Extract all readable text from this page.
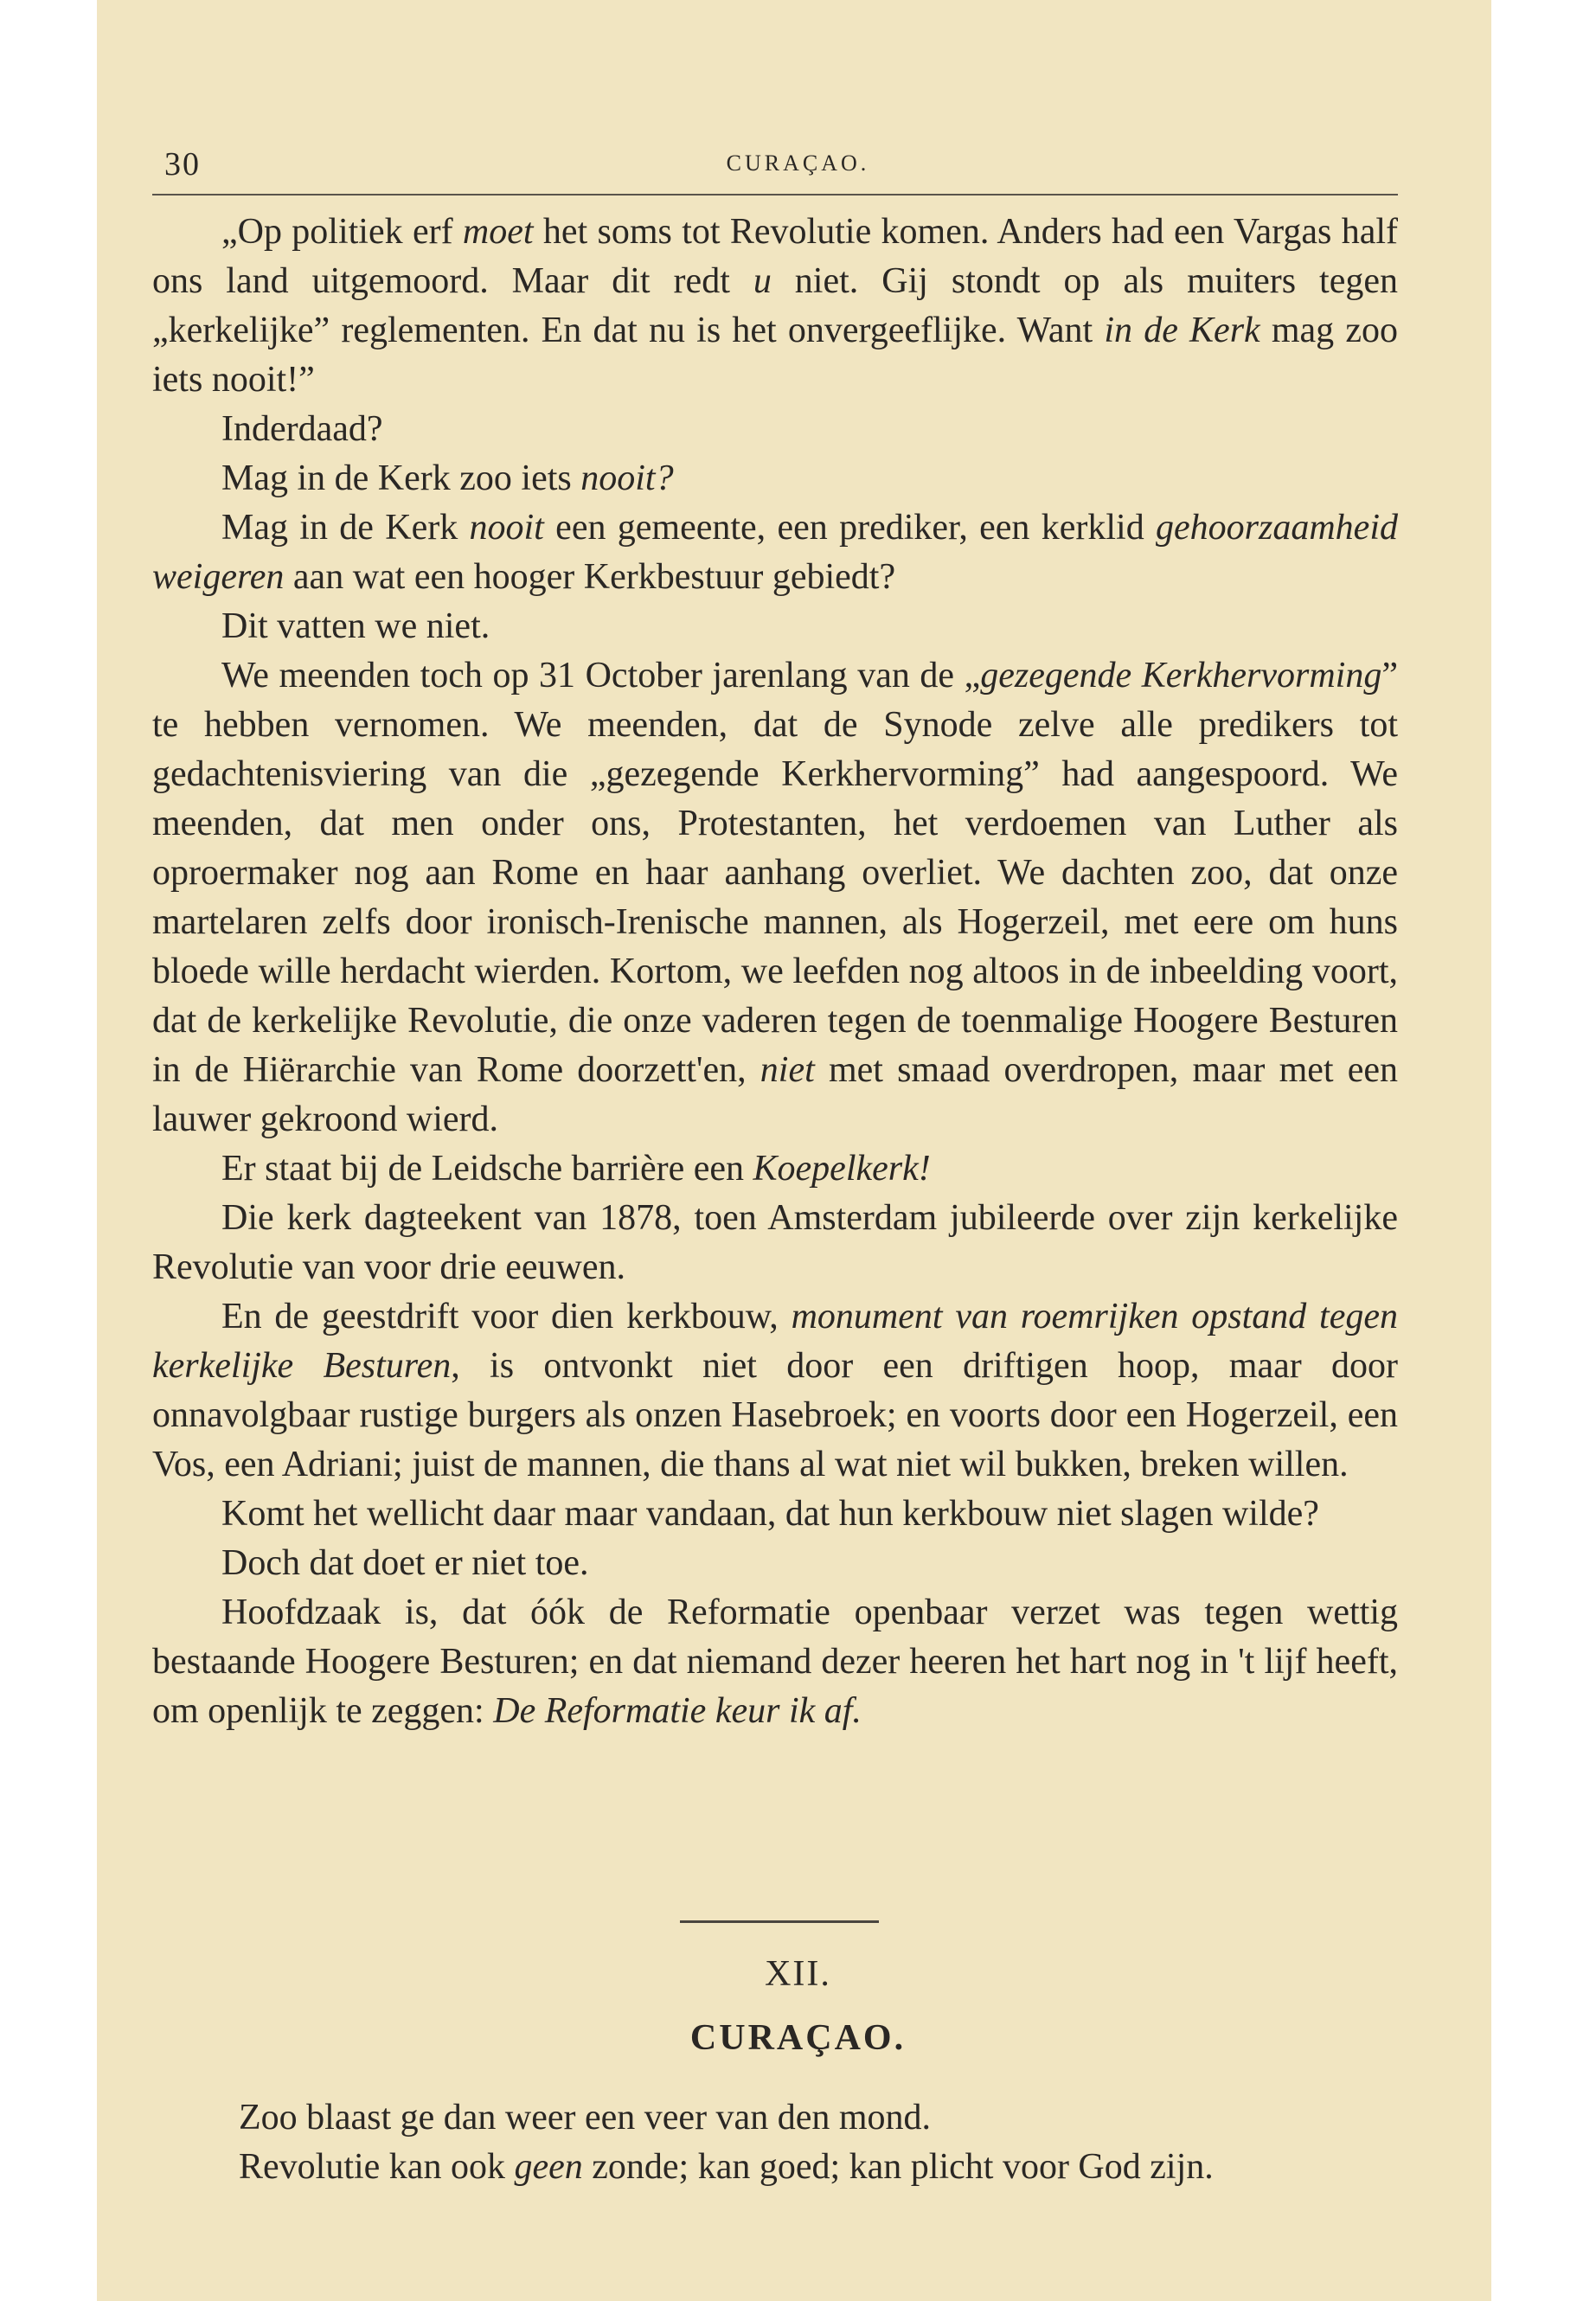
30	CURAÇAO.

„Op politiek erf moet het soms tot Revolutie komen. Anders had een Vargas half ons land uitgemoord. Maar dit redt u niet. Gij stondt op als muiters tegen „kerkelijke” reglementen. En dat nu is het onvergeeflijke. Want in de Kerk mag zoo iets nooit!”

Inderdaad?

Mag in de Kerk zoo iets nooit?

Mag in de Kerk nooit een gemeente, een prediker, een kerklid gehoorzaamheid weigeren aan wat een hooger Kerkbestuur gebiedt?

Dit vatten we niet.

We meenden toch op 31 October jarenlang van de „gezegende Kerkhervorming” te hebben vernomen. We meenden, dat de Synode zelve alle predikers tot gedachtenisviering van die „gezegende Kerkhervorming” had aangespoord. We meenden, dat men onder ons, Protestanten, het verdoemen van Luther als oproermaker nog aan Rome en haar aanhang overliet. We dachten zoo, dat onze martelaren zelfs door ironisch-Irenische mannen, als Hogerzeil, met eere om huns bloede wille herdacht wierden. Kortom, we leefden nog altoos in de inbeelding voort, dat de kerkelijke Revolutie, die onze vaderen tegen de toenmalige Hoogere Besturen in de Hiërarchie van Rome doorzett'en, niet met smaad overdropen, maar met een lauwer gekroond wierd.

Er staat bij de Leidsche barrière een Koepelkerk!

Die kerk dagteekent van 1878, toen Amsterdam jubileerde over zijn kerkelijke Revolutie van voor drie eeuwen.

En de geestdrift voor dien kerkbouw, monument van roemrijken opstand tegen kerkelijke Besturen, is ontvonkt niet door een driftigen hoop, maar door onnavolgbaar rustige burgers als onzen Hasebroek; en voorts door een Hogerzeil, een Vos, een Adriani; juist de mannen, die thans al wat niet wil bukken, breken willen.

Komt het wellicht daar maar vandaan, dat hun kerkbouw niet slagen wilde?

Doch dat doet er niet toe.

Hoofdzaak is, dat óók de Reformatie openbaar verzet was tegen wettig bestaande Hoogere Besturen; en dat niemand dezer heeren het hart nog in 't lijf heeft, om openlijk te zeggen: De Reformatie keur ik af.

XII.
CURAÇAO.

Zoo blaast ge dan weer een veer van den mond.

Revolutie kan ook geen zonde; kan goed; kan plicht voor God zijn.
